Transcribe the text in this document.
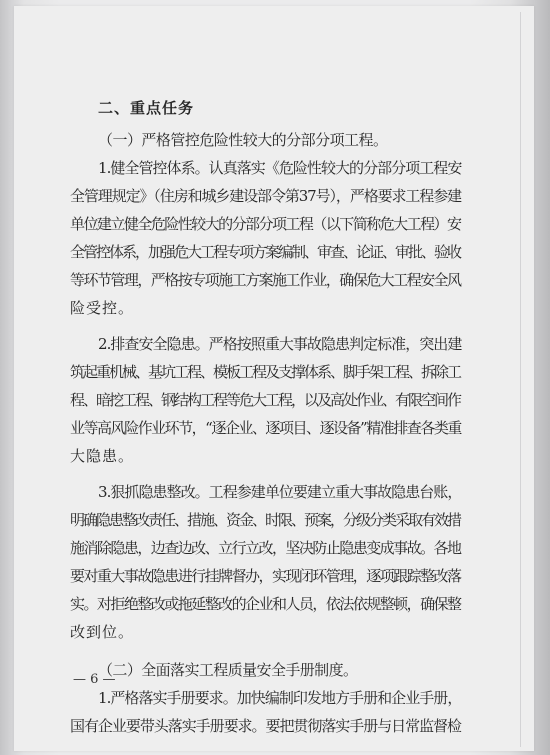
二、重点任务
（一）严格管控危险性较大的分部分项工程。
1.健全管控体系。认真落实《危险性较大的分部分项工程安
全管理规定》（住房和城乡建设部令第37号），严格要求工程参建
单位建立健全危险性较大的分部分项工程（以下简称危大工程）安
全管控体系，加强危大工程专项方案编制、审查、论证、审批、验收
等环节管理，严格按专项施工方案施工作业，确保危大工程安全风
险受控。
2.排查安全隐患。严格按照重大事故隐患判定标准，突出建
筑起重机械、基坑工程、模板工程及支撑体系、脚手架工程、拆除工
程、暗挖工程、钢结构工程等危大工程，以及高处作业、有限空间作
业等高风险作业环节，“逐企业、逐项目、逐设备”精准排查各类重
大隐患。
3.狠抓隐患整改。工程参建单位要建立重大事故隐患台账，
明确隐患整改责任、措施、资金、时限、预案，分级分类采取有效措
施消除隐患，边查边改、立行立改，坚决防止隐患变成事故。各地
要对重大事故隐患进行挂牌督办，实现闭环管理，逐项跟踪整改落
实。对拒绝整改或拖延整改的企业和人员，依法依规整顿，确保整
改到位。
（二）全面落实工程质量安全手册制度。
1.严格落实手册要求。加快编制印发地方手册和企业手册，
国有企业要带头落实手册要求。要把贯彻落实手册与日常监督检
— 6 —
